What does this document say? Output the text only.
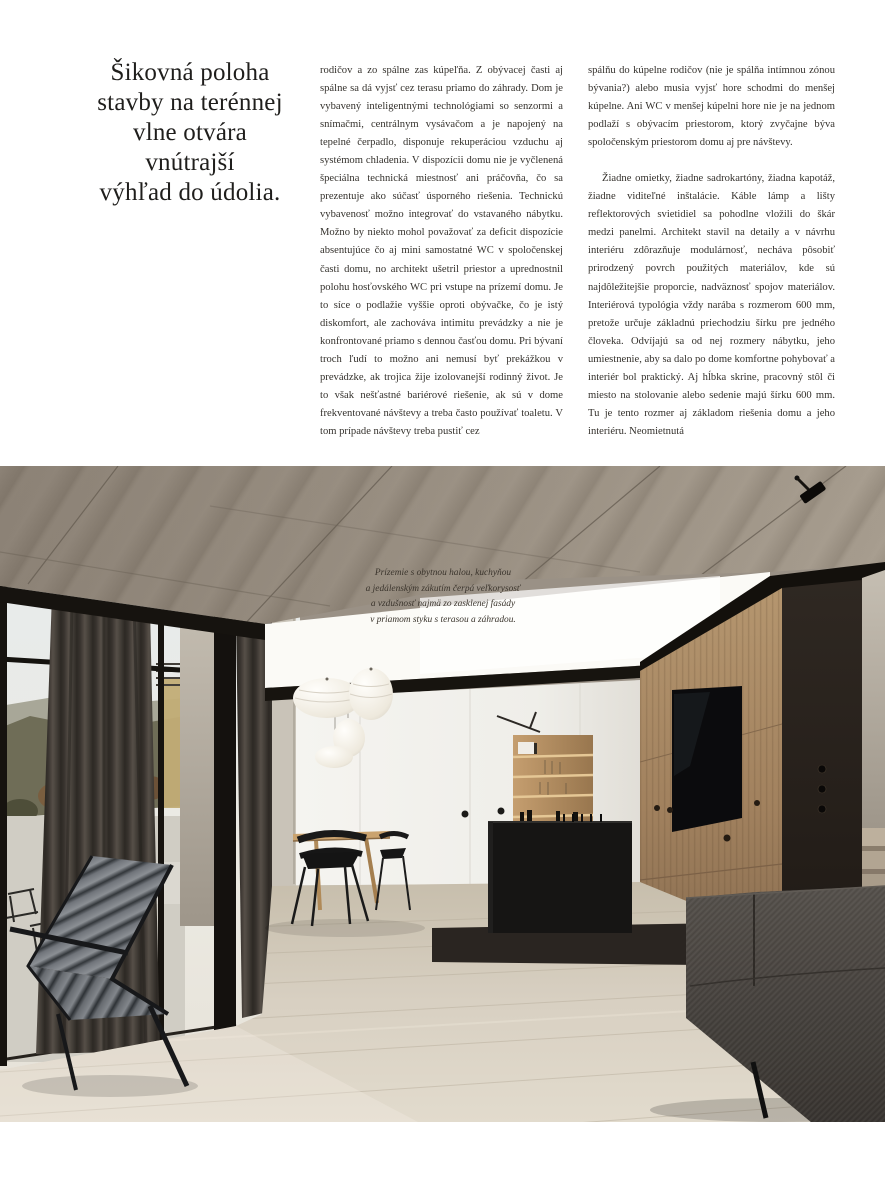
Šikovná poloha
stavby na terénnej
vlne otvára
vnútrajší
výhľad do údolia.

rodičov a zo spálne zas kúpeľňa. Z obývacej časti aj spálne sa dá vyjsť cez terasu priamo do záhrady. Dom je vybavený inteligentnými technológiami so senzormi a snímačmi, centrálnym vysávačom a je napojený na tepelné čerpadlo, disponuje rekuperáciou vzduchu aj systémom chladenia. V dispozícii domu nie je vyčlenená špeciálna technická miestnosť ani práčovňa, čo sa prezentuje ako súčasť úsporného riešenia. Technickú vybavenosť možno integrovať do vstavaného nábytku. Možno by niekto mohol považovať za deficit dispozície absentujúce čo aj mini samostatné WC v spoločenskej časti domu, no architekt ušetril priestor a uprednostnil polohu hosťovského WC pri vstupe na prízemí domu. Je to síce o podlažie vyššie oproti obývačke, čo je istý diskomfort, ale zachováva intimitu prevádzky a nie je konfrontované priamo s dennou časťou domu. Pri bývaní troch ľudí to možno ani nemusí byť prekážkou v prevádzke, ak trojica žije izolovanejší rodinný život. Je to však nešťastné bariérové riešenie, ak sú v dome frekventované návštevy a treba často používať toaletu. V tom prípade návštevy treba pustiť cez

spálňu do kúpelne rodičov (nie je spálňa intímnou zónou bývania?) alebo musia vyjsť hore schodmi do menšej kúpelne. Ani WC v menšej kúpelni hore nie je na jednom podlaží s obývacím priestorom, ktorý zvyčajne býva spoločenským priestorom domu aj pre návštevy.

Žiadne omietky, žiadne sadrokartóny, žiadna kapotáž, žiadne viditeľné inštalácie. Káble lámp a lišty reflektorových svietidiel sa pohodlne vložili do škár medzi panelmi. Architekt stavil na detaily a v návrhu interiéru zdôrazňuje modulárnosť, necháva pôsobiť prirodzený povrch použitých materiálov, kde sú najdôležitejšie proporcie, nadväznosť spojov materiálov. Interiérová typológia vždy narába s rozmerom 600 mm, pretože určuje základnú priechodziu šírku pre jedného človeka. Odvíjajú sa od nej rozmery nábytku, jeho umiestnenie, aby sa dalo po dome komfortne pohybovať a interiér bol praktický. Aj hĺbka skrine, pracovný stôl či miesto na stolovanie alebo sedenie majú šírku 600 mm. Tu je tento rozmer aj základom riešenia domu a jeho interiéru. Neomietnutá

Prízemie s obytnou halou, kuchyňou
a jedálenským zákutím čerpá veľkorysosť
a vzdušnosť najmä zo zasklenej fasády
v priamom styku s terasou a záhradou.
